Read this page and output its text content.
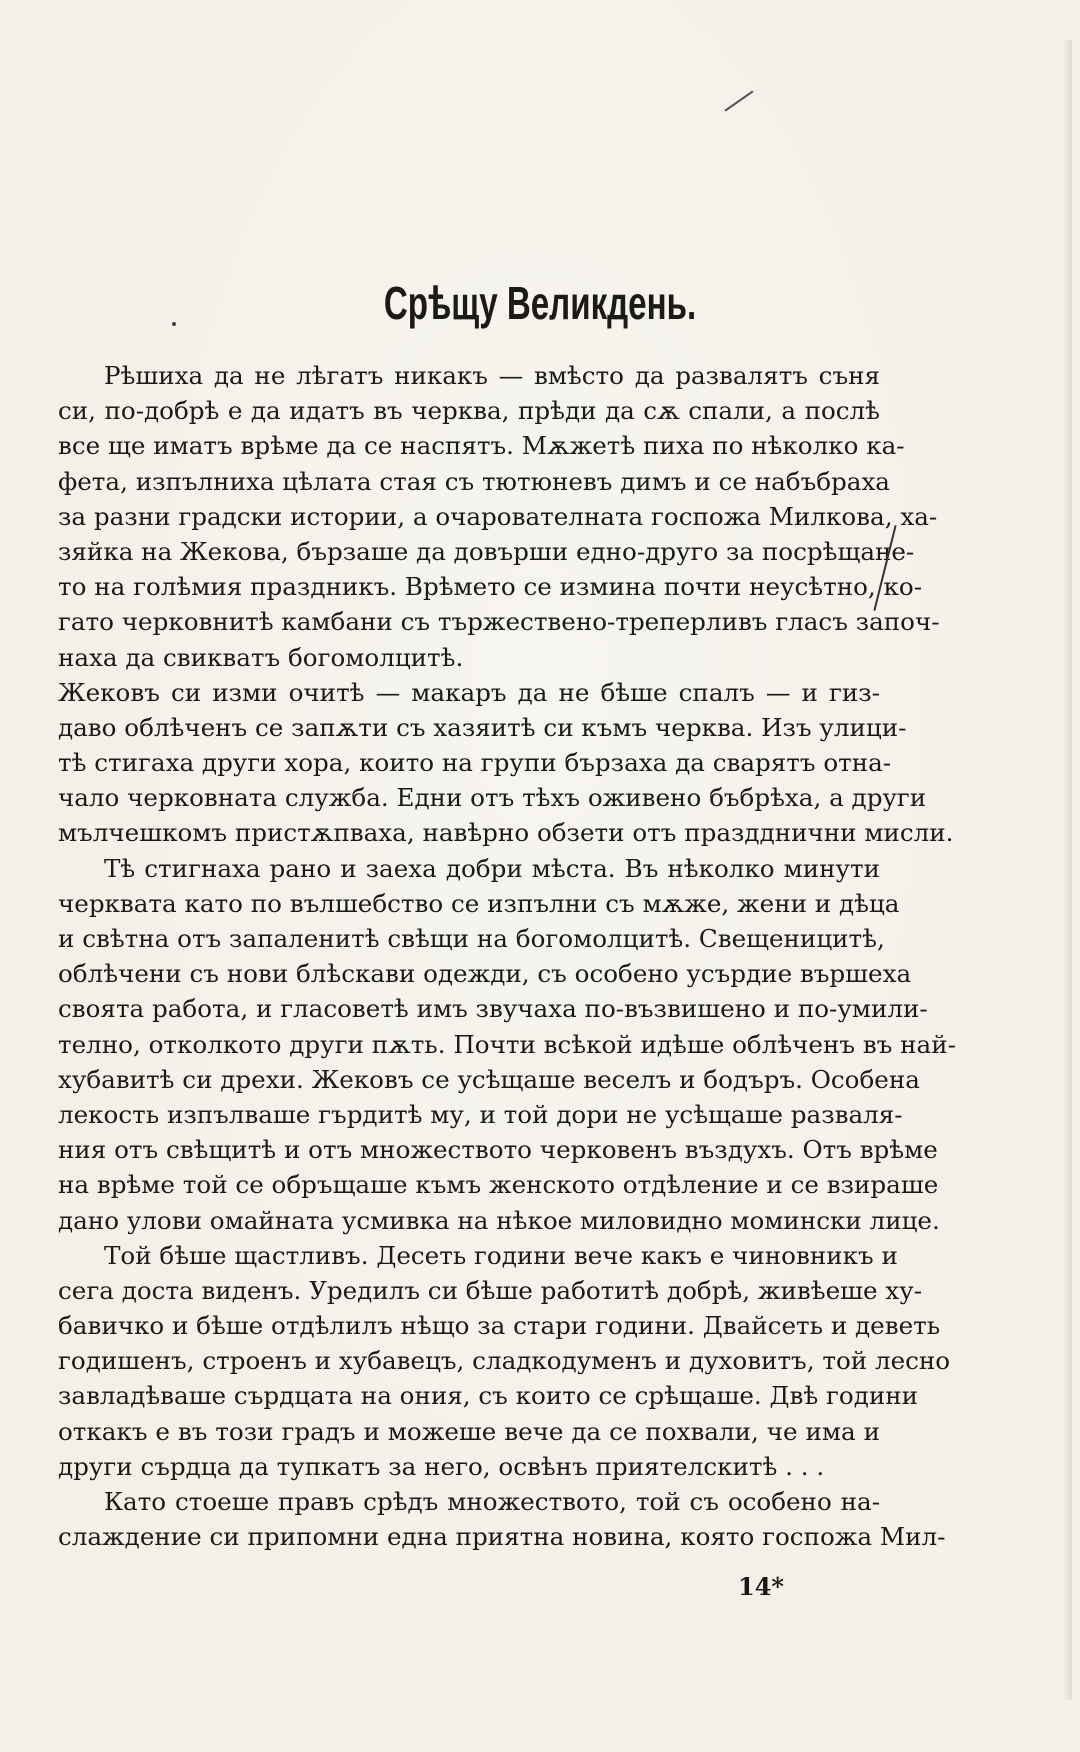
Срѣщу Великдень.
Рѣшиха да не лѣгатъ никакъ — вмѣсто да развалятъ съня
си, по-добрѣ е да идатъ въ черква, прѣди да сѫ спали, а послѣ
все ще иматъ врѣме да се наспятъ. Мѫжетѣ пиха по нѣколко ка-
фета, изпълниха цѣлата стая съ тютюневъ димъ и се набъбраха
за разни градски истории, а очарователната госпожа Милкова, ха-
зяйка на Жекова, бързаше да довърши едно-друго за посрѣщане-
то на голѣмия праздникъ. Врѣмето се измина почти неусѣтно, ко-
гато черковнитѣ камбани съ тържествено-треперливъ гласъ започ-
наха да свикватъ богомолцитѣ.
Жековъ си изми очитѣ — макаръ да не бѣше спалъ — и гиз-
даво облѣченъ се запѫти съ хазяитѣ си къмъ черква. Изъ улици-
тѣ стигаха други хора, които на групи бързаха да сварятъ отна-
чало черковната служба. Едни отъ тѣхъ оживено бъбрѣха, а други
мълчешкомъ пристѫпваха, навѣрно обзети отъ праздднични мисли.
Тѣ стигнаха рано и заеха добри мѣста. Въ нѣколко минути
черквата като по вълшебство се изпълни съ мѫже, жени и дѣца
и свѣтна отъ запаленитѣ свѣщи на богомолцитѣ. Свещеницитѣ,
облѣчени съ нови блѣскави одежди, съ особено усърдие вършеха
своята работа, и гласоветѣ имъ звучаха по-възвишено и по-умили-
телно, отколкото други пѫть. Почти всѣкой идѣше облѣченъ въ най-
хубавитѣ си дрехи. Жековъ се усѣщаше веселъ и бодъръ. Особена
лекость изпълваше гърдитѣ му, и той дори не усѣщаше разваля-
ния отъ свѣщитѣ и отъ множеството черковенъ въздухъ. Отъ врѣме
на врѣме той се обръщаше къмъ женското отдѣление и се взираше
дано улови омайната усмивка на нѣкое миловидно момински лице.
Той бѣше щастливъ. Десеть години вече какъ е чиновникъ и
сега доста виденъ. Уредилъ си бѣше работитѣ добрѣ, живѣеше ху-
бавичко и бѣше отдѣлилъ нѣщо за стари години. Двайсеть и деветь
годишенъ, строенъ и хубавецъ, сладкодуменъ и духовитъ, той лесно
завладѣваше сърдцата на ония, съ които се срѣщаше. Двѣ години
откакъ е въ този градъ и можеше вече да се похвали, че има и
други сърдца да тупкатъ за него, освѣнъ приятелскитѣ . . .
Като стоеше правъ срѣдъ множеството, той съ особено на-
слаждение си припомни една приятна новина, която госпожа Мил-
14*
